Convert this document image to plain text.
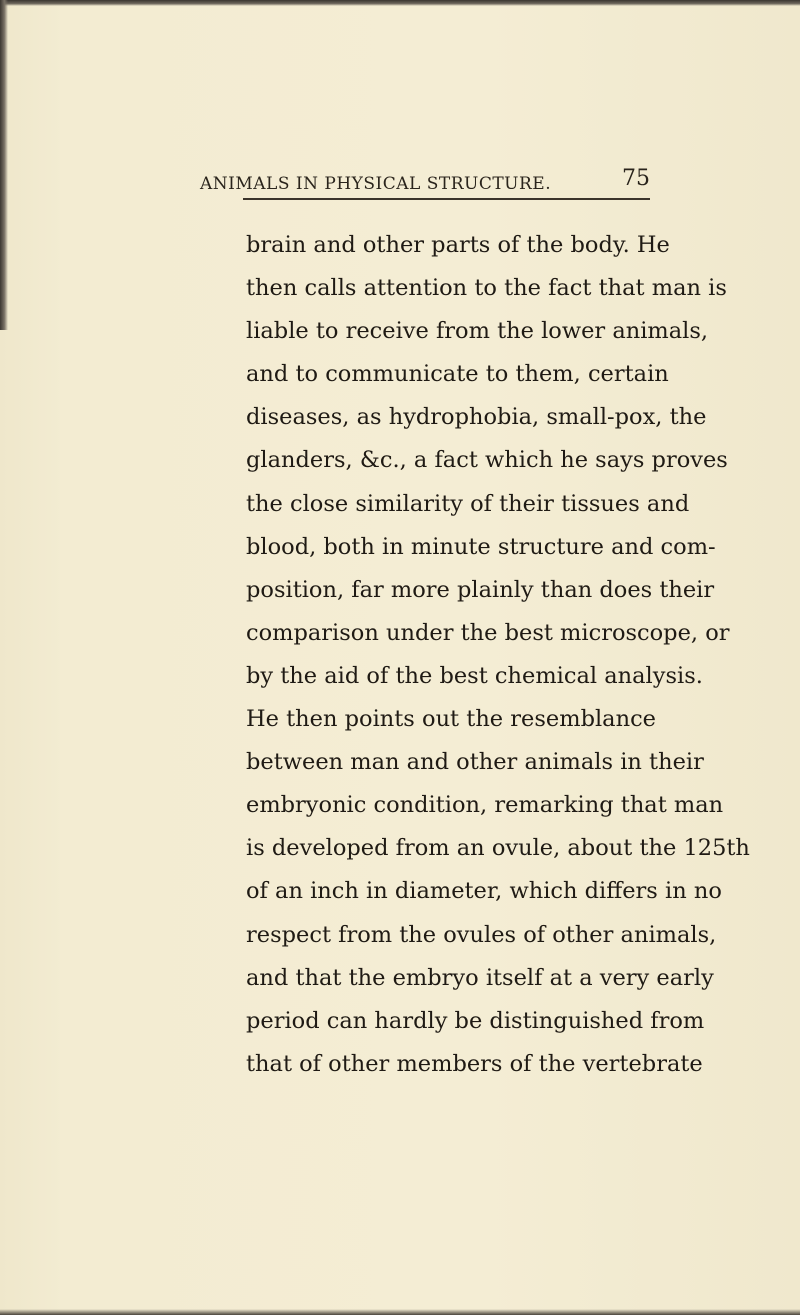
ANIMALS IN PHYSICAL STRUCTURE.	75
brain and other parts of the body. He
then calls attention to the fact that man is
liable to receive from the lower animals,
and to communicate to them, certain
diseases, as hydrophobia, small-pox, the
glanders, &c., a fact which he says proves
the close similarity of their tissues and
blood, both in minute structure and com-
position, far more plainly than does their
comparison under the best microscope, or
by the aid of the best chemical analysis.
He then points out the resemblance
between man and other animals in their
embryonic condition, remarking that man
is developed from an ovule, about the 125th
of an inch in diameter, which differs in no
respect from the ovules of other animals,
and that the embryo itself at a very early
period can hardly be distinguished from
that of other members of the vertebrate
